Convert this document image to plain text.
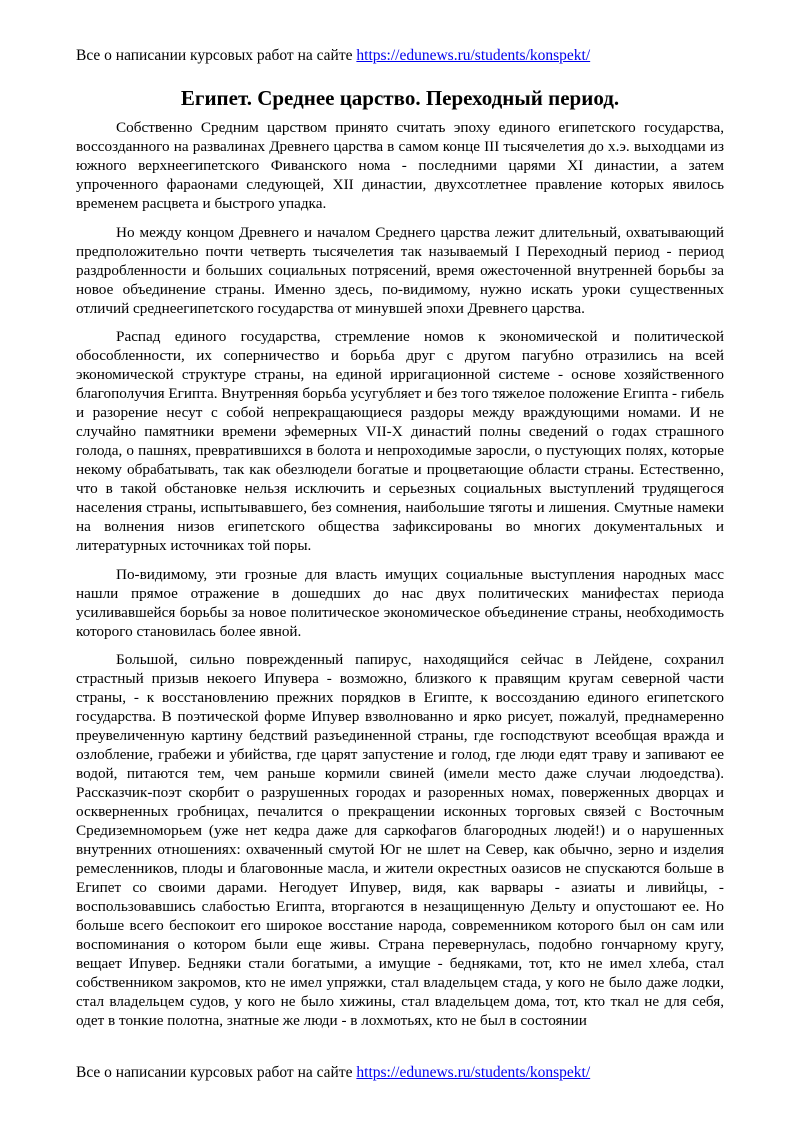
Все о написании курсовых работ на сайте https://edunews.ru/students/konspekt/
Египет. Среднее царство. Переходный период.

Собственно Средним царством принято считать эпоху единого египетского государства, воссозданного на развалинах Древнего царства в самом конце III тысячелетия до х.э. выходцами из южного верхнеегипетского Фиванского нома - последними царями XI династии, а затем упроченного фараонами следующей, XII династии, двухсотлетнее правление которых явилось временем расцвета и быстрого упадка.

Но между концом Древнего и началом Среднего царства лежит длительный, охватывающий предположительно почти четверть тысячелетия так называемый I Переходный период - период раздробленности и больших социальных потрясений, время ожесточенной внутренней борьбы за новое объединение страны. Именно здесь, по-видимому, нужно искать уроки существенных отличий среднеегипетского государства от минувшей эпохи Древнего царства.

Распад единого государства, стремление номов к экономической и политической обособленности, их соперничество и борьба друг с другом пагубно отразились на всей экономической структуре страны, на единой ирригационной системе - основе хозяйственного благополучия Египта. Внутренняя борьба усугубляет и без того тяжелое положение Египта - гибель и разорение несут с собой непрекращающиеся раздоры между враждующими номами. И не случайно памятники времени эфемерных VII-X династий полны сведений о годах страшного голода, о пашнях, превратившихся в болота и непроходимые заросли, о пустующих полях, которые некому обрабатывать, так как обезлюдели богатые и процветающие области страны. Естественно, что в такой обстановке нельзя исключить и серьезных социальных выступлений трудящегося населения страны, испытывавшего, без сомнения, наибольшие тяготы и лишения. Смутные намеки на волнения низов египетского общества зафиксированы во многих документальных и литературных источниках той поры.

По-видимому, эти грозные для власть имущих социальные выступления народных масс нашли прямое отражение в дошедших до нас двух политических манифестах периода усиливавшейся борьбы за новое политическое экономическое объединение страны, необходимость которого становилась более явной.

Большой, сильно поврежденный папирус, находящийся сейчас в Лейдене, сохранил страстный призыв некоего Ипувера - возможно, близкого к правящим кругам северной части страны, - к восстановлению прежних порядков в Египте, к воссозданию единого египетского государства. В поэтической форме Ипувер взволнованно и ярко рисует, пожалуй, преднамеренно преувеличенную картину бедствий разъединенной страны, где господствуют всеобщая вражда и озлобление, грабежи и убийства, где царят запустение и голод, где люди едят траву и запивают ее водой, питаются тем, чем раньше кормили свиней (имели место даже случаи людоедства). Рассказчик-поэт скорбит о разрушенных городах и разоренных номах, поверженных дворцах и оскверненных гробницах, печалится о прекращении исконных торговых связей с Восточным Средиземноморьем (уже нет кедра даже для саркофагов благородных людей!) и о нарушенных внутренних отношениях: охваченный смутой Юг не шлет на Север, как обычно, зерно и изделия ремесленников, плоды и благовонные масла, и жители окрестных оазисов не спускаются больше в Египет со своими дарами. Негодует Ипувер, видя, как варвары - азиаты и ливийцы, - воспользовавшись слабостью Египта, вторгаются в незащищенную Дельту и опустошают ее. Но больше всего беспокоит его широкое восстание народа, современником которого был он сам или воспоминания о котором были еще живы. Страна перевернулась, подобно гончарному кругу, вещает Ипувер. Бедняки стали богатыми, а имущие - бедняками, тот, кто не имел хлеба, стал собственником закромов, кто не имел упряжки, стал владельцем стада, у кого не было даже лодки, стал владельцем судов, у кого не было хижины, стал владельцем дома, тот, кто ткал не для себя, одет в тонкие полотна, знатные же люди - в лохмотьях, кто не был в состоянии

Все о написании курсовых работ на сайте https://edunews.ru/students/konspekt/
